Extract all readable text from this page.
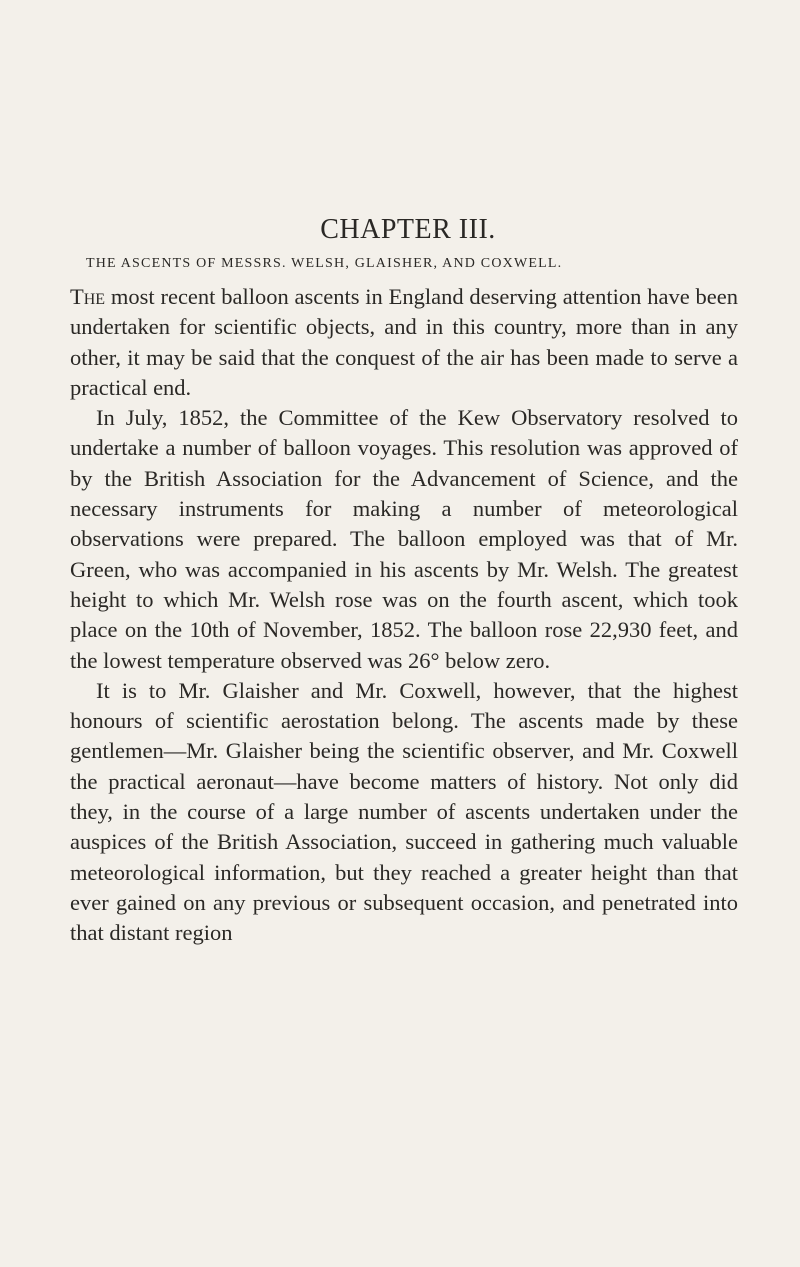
CHAPTER III.
THE ASCENTS OF MESSRS. WELSH, GLAISHER, AND COXWELL.

The most recent balloon ascents in England deserving attention have been undertaken for scientific objects, and in this country, more than in any other, it may be said that the conquest of the air has been made to serve a practical end.

In July, 1852, the Committee of the Kew Observatory resolved to undertake a number of balloon voyages. This resolution was approved of by the British Association for the Advancement of Science, and the necessary instruments for making a number of meteorological observations were prepared. The balloon employed was that of Mr. Green, who was accompanied in his ascents by Mr. Welsh. The greatest height to which Mr. Welsh rose was on the fourth ascent, which took place on the 10th of November, 1852. The balloon rose 22,930 feet, and the lowest temperature observed was 26° below zero.

It is to Mr. Glaisher and Mr. Coxwell, however, that the highest honours of scientific aerostation belong. The ascents made by these gentlemen—Mr. Glaisher being the scientific observer, and Mr. Coxwell the practical aeronaut—have become matters of history. Not only did they, in the course of a large number of ascents undertaken under the auspices of the British Association, succeed in gathering much valuable meteorological information, but they reached a greater height than that ever gained on any previous or subsequent occasion, and penetrated into that distant region
